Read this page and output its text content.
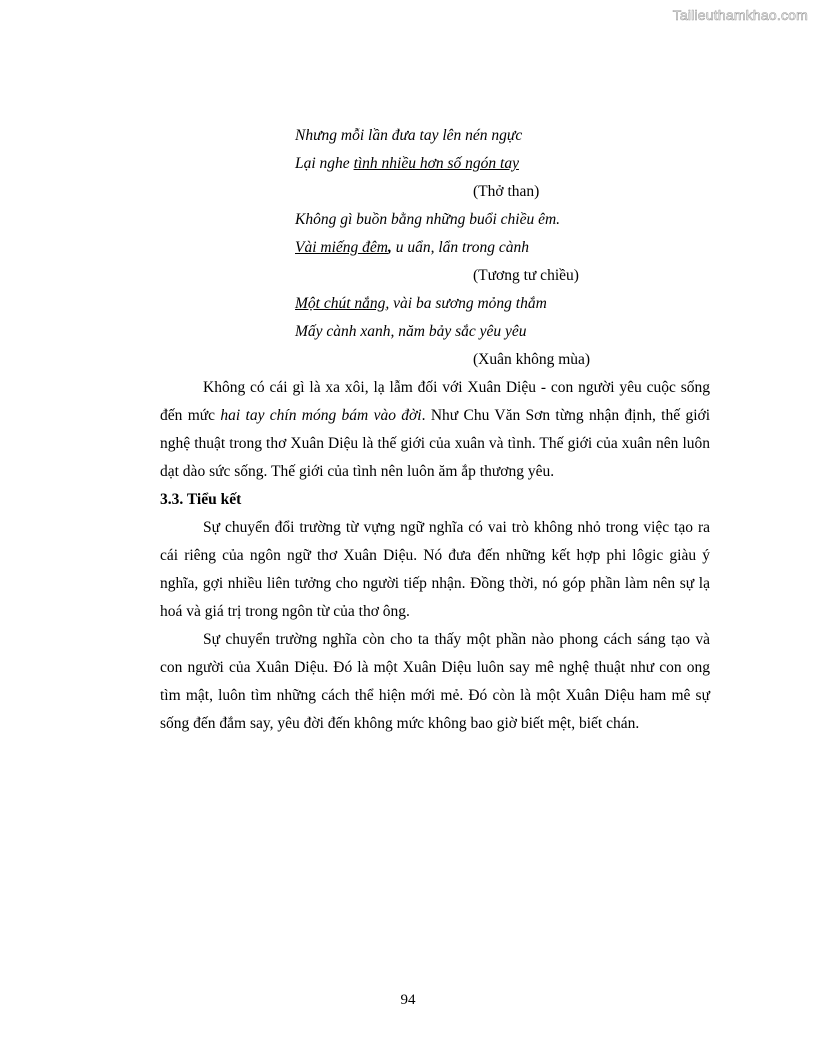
Tailieuthamkhao.com
Nhưng mỗi lần đưa tay lên nén ngực
Lại nghe tình nhiều hơn số ngón tay
(Thở than)
Không gì buồn bằng những buổi chiều êm.
Vài miếng đêm, u uẩn, lẩn trong cành
(Tương tư chiều)
Một chút nắng, vài ba sương mỏng thắm
Mấy cành xanh, năm bảy sắc yêu yêu
(Xuân không mùa)

Không có cái gì là xa xôi, lạ lẫm đối với Xuân Diệu - con người yêu cuộc sống đến mức hai tay chín móng bám vào đời. Như Chu Văn Sơn từng nhận định, thế giới nghệ thuật trong thơ Xuân Diệu là thế giới của xuân và tình. Thế giới của xuân nên luôn dạt dào sức sống. Thế giới của tình nên luôn ăm ắp thương yêu.

3.3. Tiểu kết

Sự chuyển đổi trường từ vựng ngữ nghĩa có vai trò không nhỏ trong việc tạo ra cái riêng của ngôn ngữ thơ Xuân Diệu. Nó đưa đến những kết hợp phi lôgic giàu ý nghĩa, gợi nhiều liên tưởng cho người tiếp nhận. Đồng thời, nó góp phần làm nên sự lạ hoá và giá trị trong ngôn từ của thơ ông.

Sự chuyển trường nghĩa còn cho ta thấy một phần nào phong cách sáng tạo và con người của Xuân Diệu. Đó là một Xuân Diệu luôn say mê nghệ thuật như con ong tìm mật, luôn tìm những cách thể hiện mới mẻ. Đó còn là một Xuân Diệu ham mê sự sống đến đắm say, yêu đời đến không mức không bao giờ biết mệt, biết chán.

94
